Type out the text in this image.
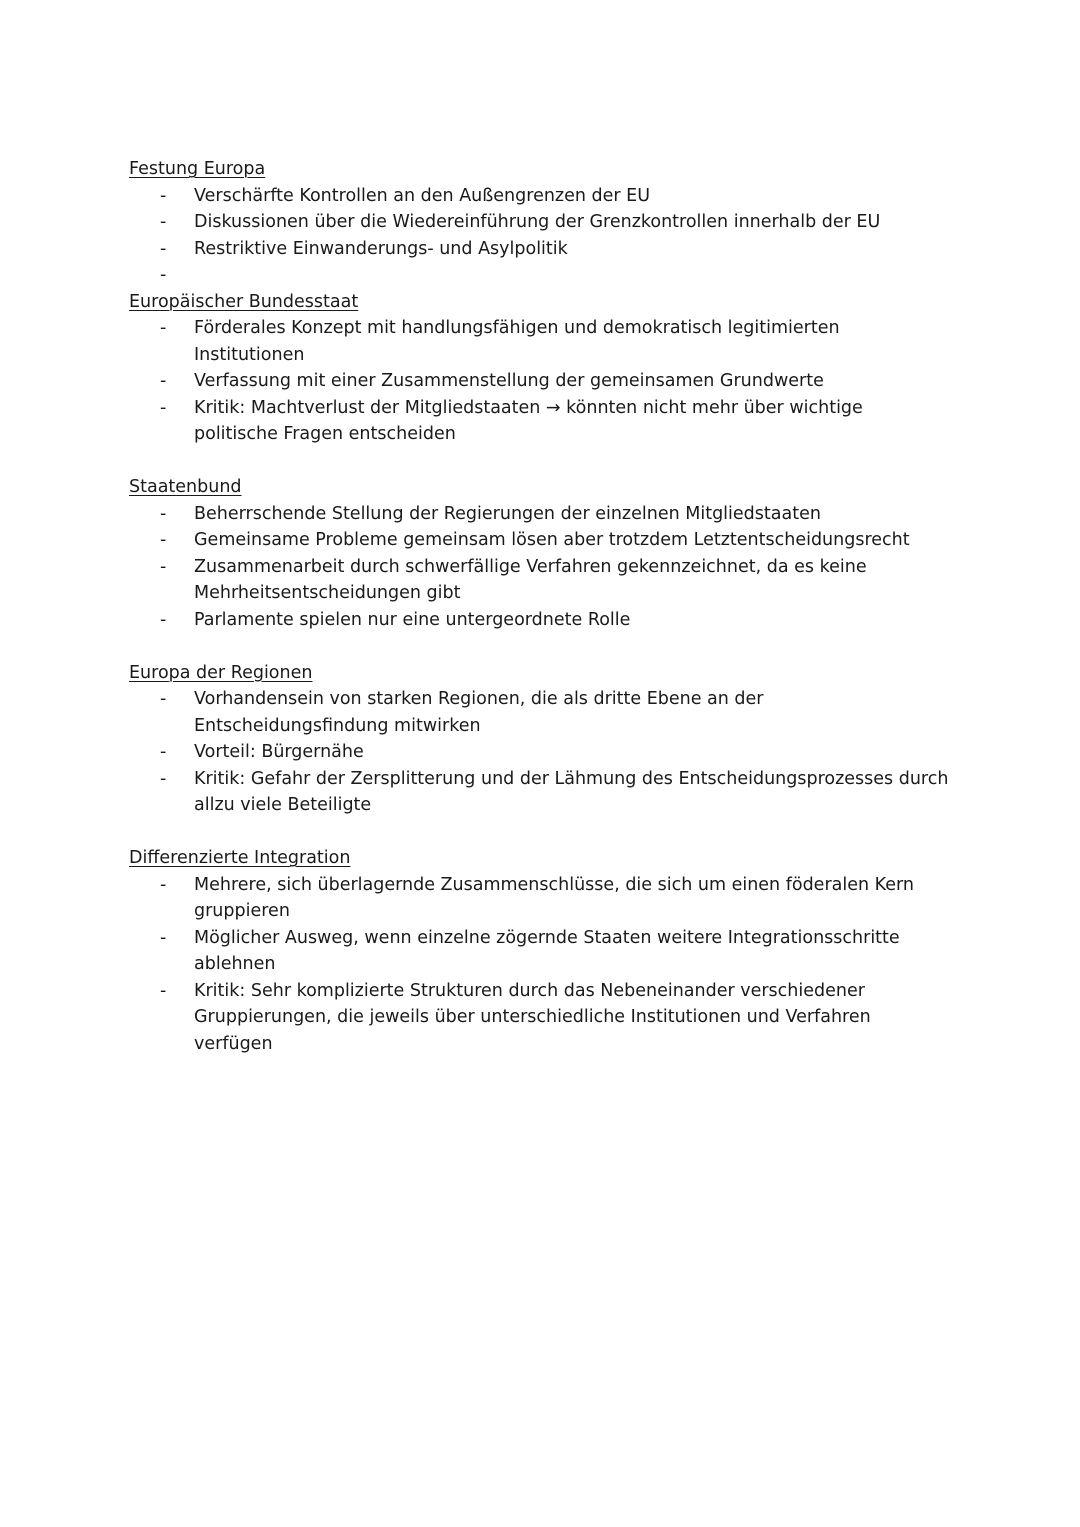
Festung Europa
- Verschärfte Kontrollen an den Außengrenzen der EU
- Diskussionen über die Wiedereinführung der Grenzkontrollen innerhalb der EU
- Restriktive Einwanderungs- und Asylpolitik
-
Europäischer Bundesstaat
- Förderales Konzept mit handlungsfähigen und demokratisch legitimierten
Institutionen
- Verfassung mit einer Zusammenstellung der gemeinsamen Grundwerte
- Kritik: Machtverlust der Mitgliedstaaten → könnten nicht mehr über wichtige
politische Fragen entscheiden
Staatenbund
- Beherrschende Stellung der Regierungen der einzelnen Mitgliedstaaten
- Gemeinsame Probleme gemeinsam lösen aber trotzdem Letztentscheidungsrecht
- Zusammenarbeit durch schwerfällige Verfahren gekennzeichnet, da es keine
Mehrheitsentscheidungen gibt
- Parlamente spielen nur eine untergeordnete Rolle
Europa der Regionen
- Vorhandensein von starken Regionen, die als dritte Ebene an der
Entscheidungsfindung mitwirken
- Vorteil: Bürgernähe
- Kritik: Gefahr der Zersplitterung und der Lähmung des Entscheidungsprozesses durch
allzu viele Beteiligte
Differenzierte Integration
- Mehrere, sich überlagernde Zusammenschlüsse, die sich um einen föderalen Kern
gruppieren
- Möglicher Ausweg, wenn einzelne zögernde Staaten weitere Integrationsschritte
ablehnen
- Kritik: Sehr komplizierte Strukturen durch das Nebeneinander verschiedener
Gruppierungen, die jeweils über unterschiedliche Institutionen und Verfahren
verfügen
